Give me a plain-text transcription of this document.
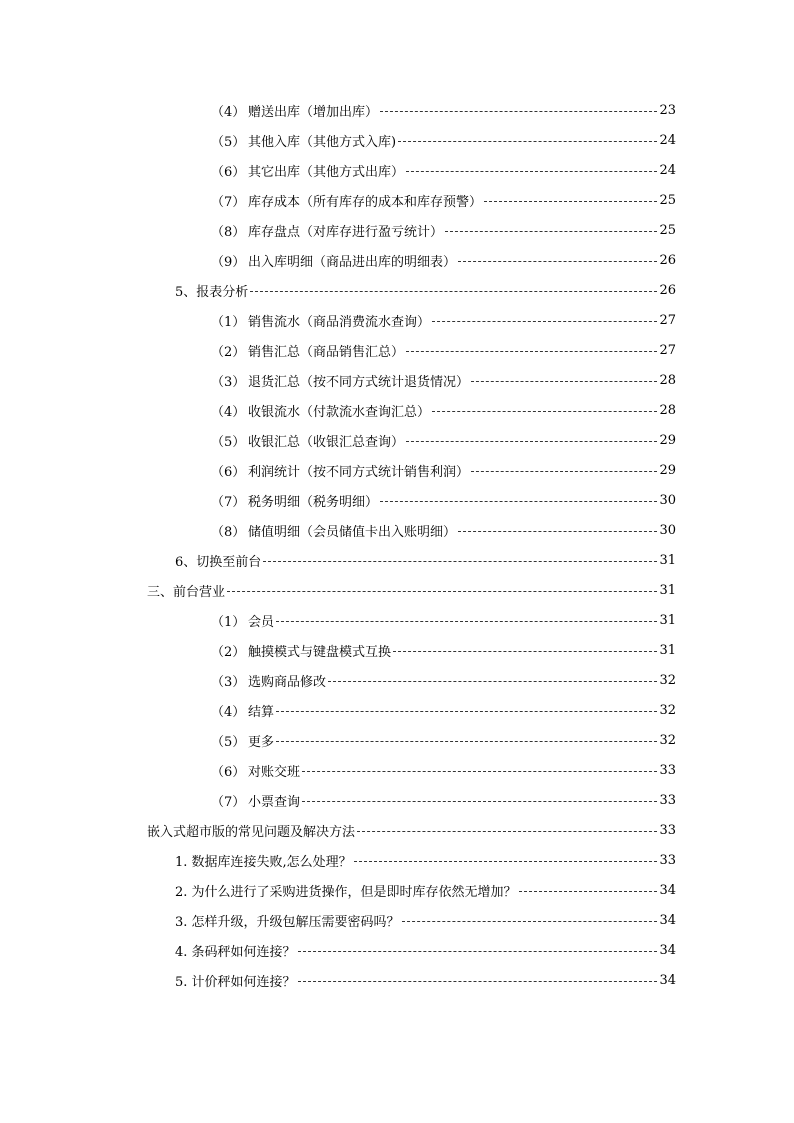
（4） 赠送出库（增加出库）	23
（5） 其他入库（其他方式入库)	24
（6） 其它出库（其他方式出库）	24
（7） 库存成本（所有库存的成本和库存预警）	25
（8） 库存盘点（对库存进行盈亏统计）	25
（9） 出入库明细（商品进出库的明细表）	26
5、报表分析	26
（1） 销售流水（商品消费流水查询）	27
（2） 销售汇总（商品销售汇总）	27
（3） 退货汇总（按不同方式统计退货情况）	28
（4） 收银流水（付款流水查询汇总）	28
（5） 收银汇总（收银汇总查询）	29
（6） 利润统计（按不同方式统计销售利润）	29
（7） 税务明细（税务明细）	30
（8） 储值明细（会员储值卡出入账明细）	30
6、切换至前台	31
三、前台营业	31
（1） 会员	31
（2） 触摸模式与键盘模式互换	31
（3） 选购商品修改	32
（4） 结算	32
（5） 更多	32
（6） 对账交班	33
（7） 小票查询	33
嵌入式超市版的常见问题及解决方法	33
1. 数据库连接失败,怎么处理？	33
2. 为什么进行了采购进货操作，但是即时库存依然无增加？	34
3. 怎样升级，升级包解压需要密码吗？	34
4. 条码秤如何连接？	34
5. 计价秤如何连接？	34
